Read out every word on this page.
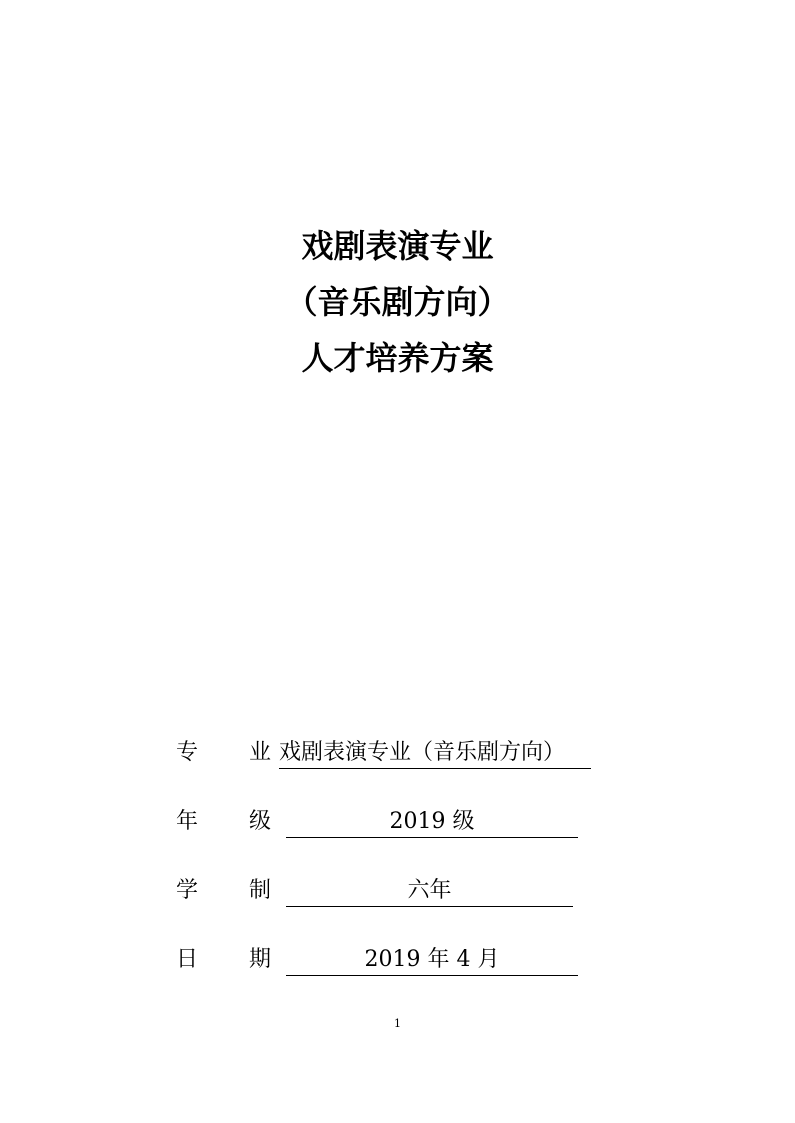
戏剧表演专业
（音乐剧方向）
人才培养方案
专 业 戏剧表演专业（音乐剧方向）
年 级	2019 级
学 制	六年
日 期	2019 年 4 月
1
